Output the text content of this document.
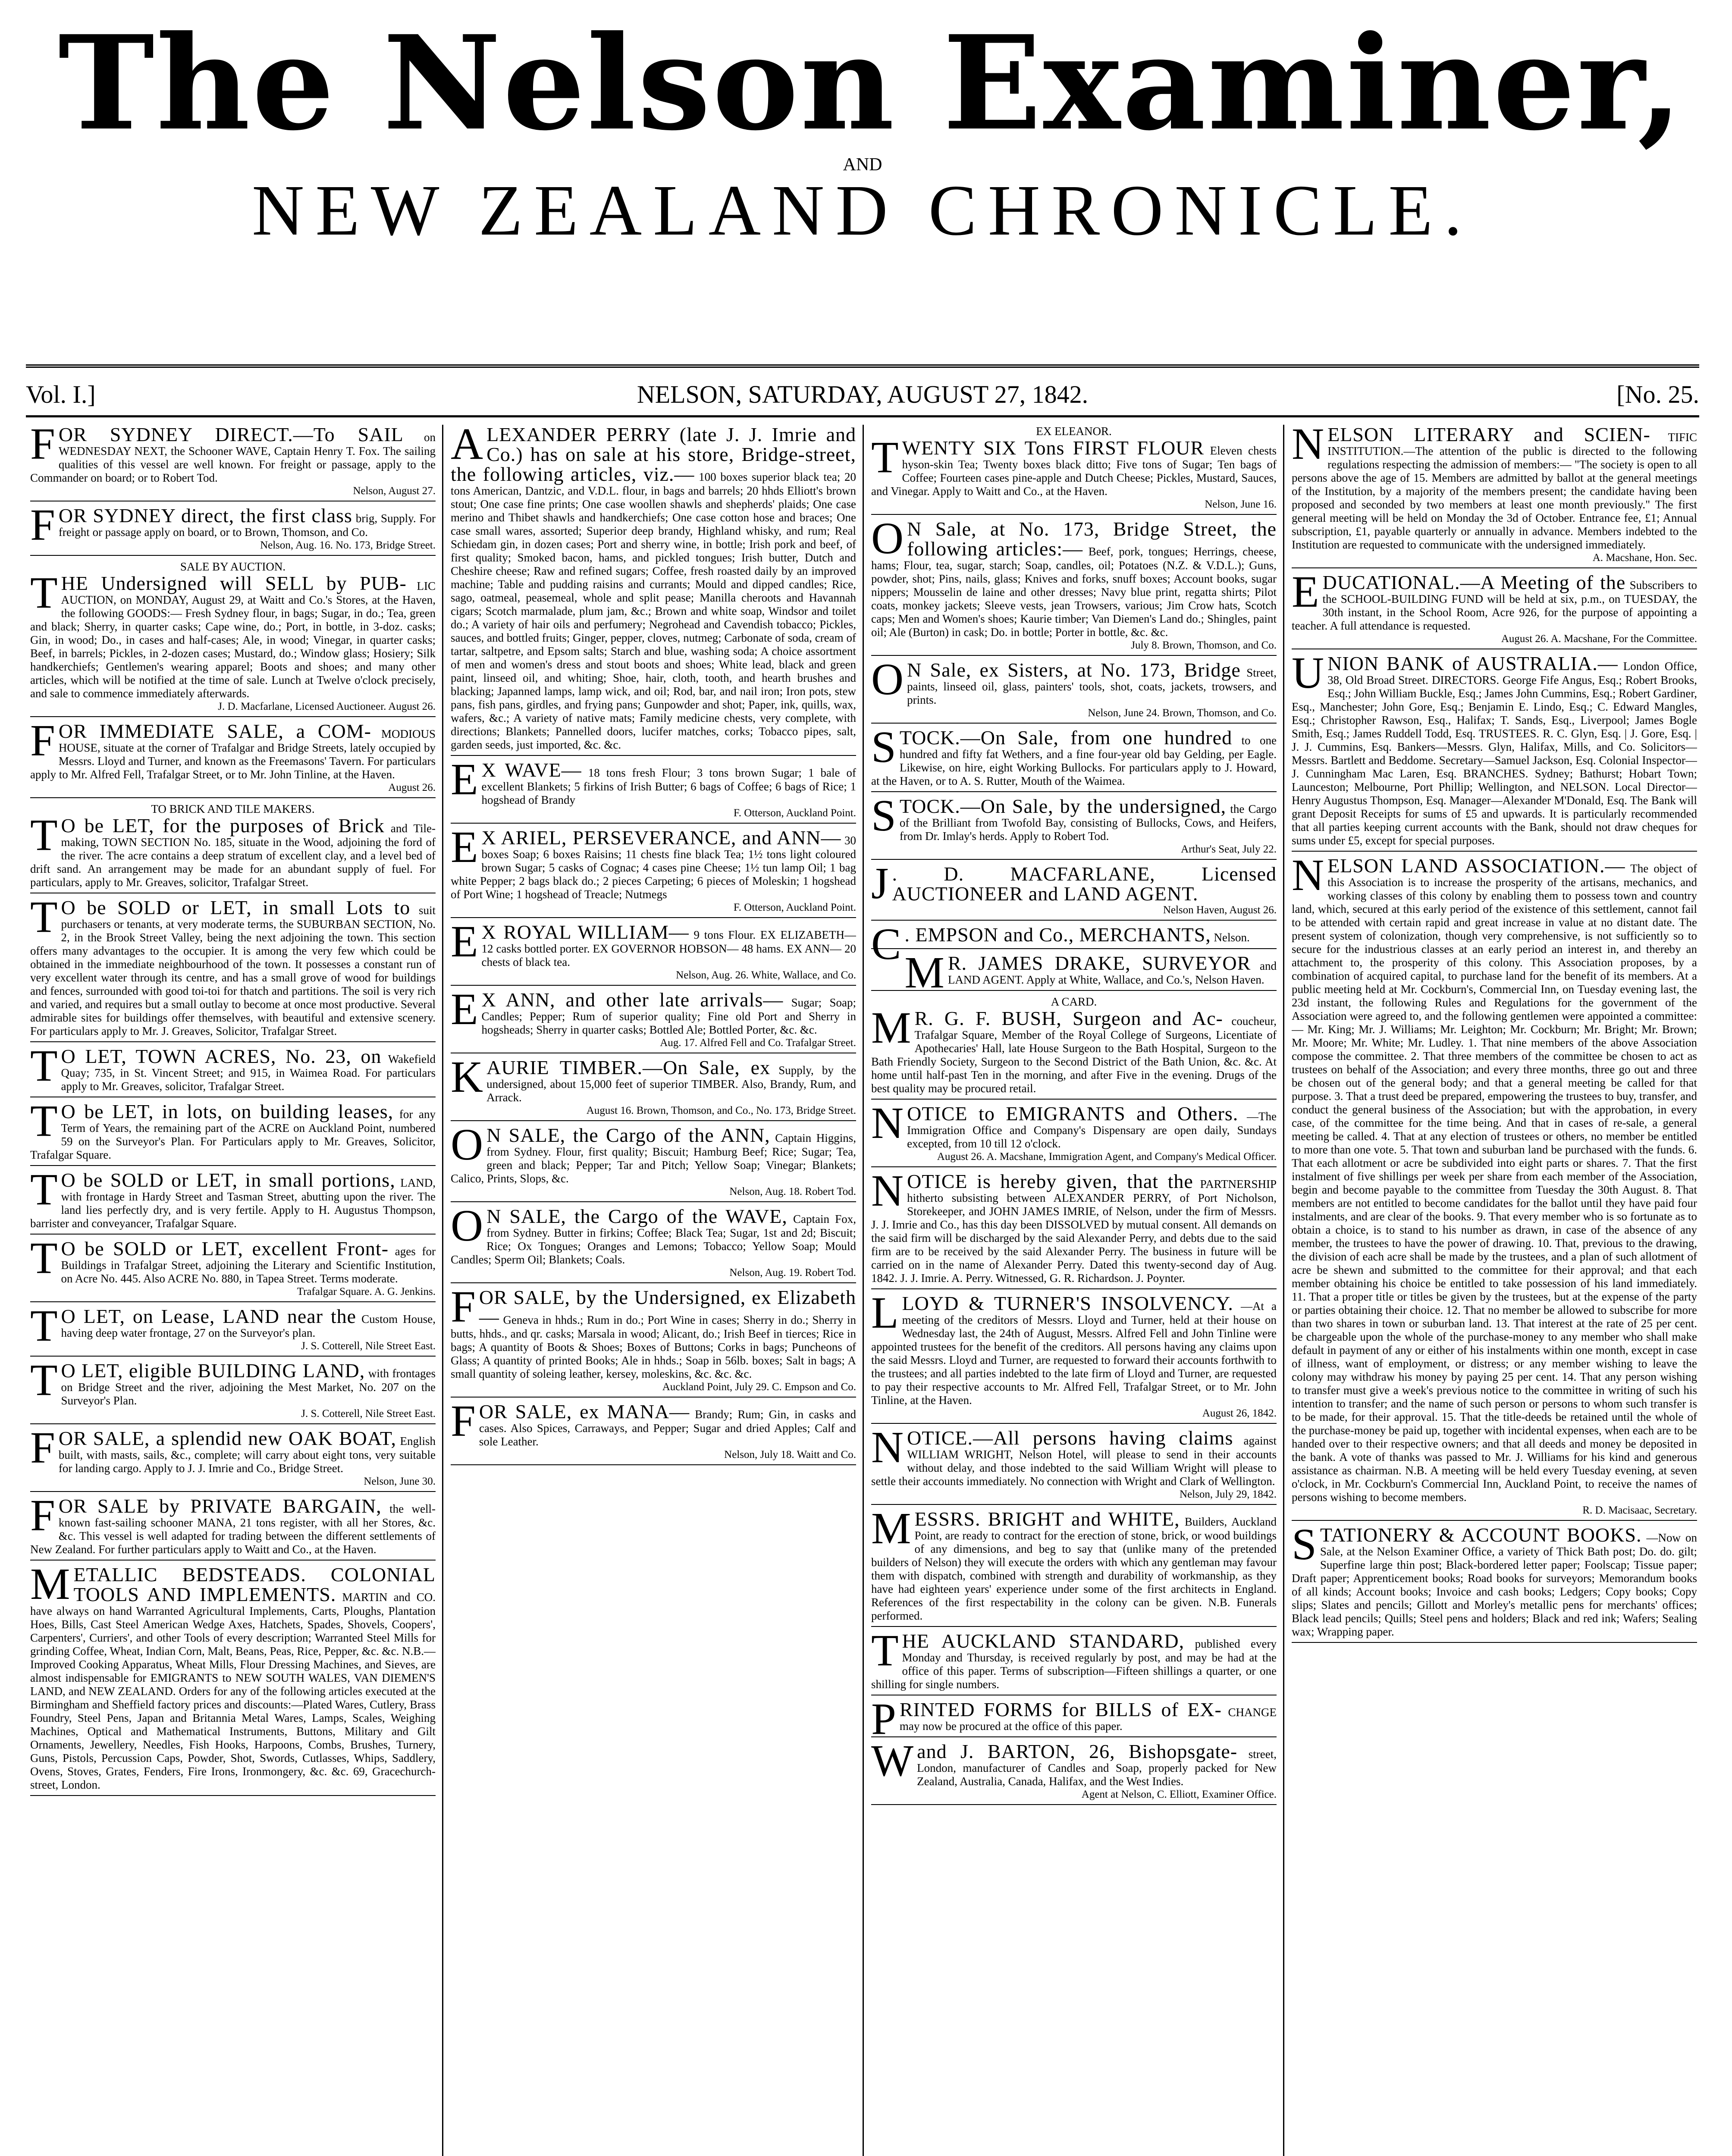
The Nelson Examiner,
AND
NEW ZEALAND CHRONICLE.
Vol. I.]	NELSON, SATURDAY, AUGUST 27, 1842.	[No. 25.

FOR SYDNEY DIRECT.—To SAIL on WEDNESDAY NEXT, the Schooner WAVE, Captain Henry T. Fox. The sailing qualities of this vessel are well known. For freight or passage, apply to the Commander on board; or to Robert Tod.

Nelson, August 27.

FOR SYDNEY direct, the first class brig, Supply. For freight or passage apply on board, or to Brown, Thomson, and Co.

Nelson, Aug. 16. No. 173, Bridge Street.

SALE BY AUCTION.

THE Undersigned will SELL by PUB- LIC AUCTION, on MONDAY, August 29, at Waitt and Co.'s Stores, at the Haven, the following GOODS:— Fresh Sydney flour, in bags; Sugar, in do.; Tea, green and black; Sherry, in quarter casks; Cape wine, do.; Port, in bottle, in 3-doz. casks; Gin, in wood; Do., in cases and half-cases; Ale, in wood; Vinegar, in quarter casks; Beef, in barrels; Pickles, in 2-dozen cases; Mustard, do.; Window glass; Hosiery; Silk handkerchiefs; Gentlemen's wearing apparel; Boots and shoes; and many other articles, which will be notified at the time of sale. Lunch at Twelve o'clock precisely, and sale to commence immediately afterwards.

J. D. Macfarlane, Licensed Auctioneer. August 26.

FOR IMMEDIATE SALE, a COM- MODIOUS HOUSE, situate at the corner of Trafalgar and Bridge Streets, lately occupied by Messrs. Lloyd and Turner, and known as the Freemasons' Tavern. For particulars apply to Mr. Alfred Fell, Trafalgar Street, or to Mr. John Tinline, at the Haven.

August 26.

TO BRICK AND TILE MAKERS.

T O be LET, for the purposes of Brick and Tile-making, TOWN SECTION No. 185, situate in the Wood, adjoining the ford of the river. The acre contains a deep stratum of excellent clay, and a level bed of drift sand. An arrangement may be made for an abundant supply of fuel. For particulars, apply to Mr. Greaves, solicitor, Trafalgar Street.

T O be SOLD or LET, in small Lots to suit purchasers or tenants, at very moderate terms, the SUBURBAN SECTION, No. 2, in the Brook Street Valley, being the next adjoining the town. This section offers many advantages to the occupier. It is among the very few which could be obtained in the immediate neighbourhood of the town. It possesses a constant run of very excellent water through its centre, and has a small grove of wood for buildings and fences, surrounded with good toi-toi for thatch and partitions. The soil is very rich and varied, and requires but a small outlay to become at once most productive. Several admirable sites for buildings offer themselves, with beautiful and extensive scenery. For particulars apply to Mr. J. Greaves, Solicitor, Trafalgar Street.

T O LET, TOWN ACRES, No. 23, on Wakefield Quay; 735, in St. Vincent Street; and 915, in Waimea Road. For particulars apply to Mr. Greaves, solicitor, Trafalgar Street.

T O be LET, in lots, on building leases, for any Term of Years, the remaining part of the ACRE on Auckland Point, numbered 59 on the Surveyor's Plan. For Particulars apply to Mr. Greaves, Solicitor, Trafalgar Square.

T O be SOLD or LET, in small portions, LAND, with frontage in Hardy Street and Tasman Street, abutting upon the river. The land lies perfectly dry, and is very fertile. Apply to H. Augustus Thompson, barrister and conveyancer, Trafalgar Square.

T O be SOLD or LET, excellent Front- ages for Buildings in Trafalgar Street, adjoining the Literary and Scientific Institution, on Acre No. 445. Also ACRE No. 880, in Tapea Street. Terms moderate.

Trafalgar Square. A. G. Jenkins.

T O LET, on Lease, LAND near the Custom House, having deep water frontage, 27 on the Surveyor's plan.

J. S. Cotterell, Nile Street East.

T O LET, eligible BUILDING LAND, with frontages on Bridge Street and the river, adjoining the Mest Market, No. 207 on the Surveyor's Plan.

J. S. Cotterell, Nile Street East.

FOR SALE, a splendid new OAK BOAT, English built, with masts, sails, &c., complete; will carry about eight tons, very suitable for landing cargo. Apply to J. J. Imrie and Co., Bridge Street.

Nelson, June 30.

FOR SALE by PRIVATE BARGAIN, the well-known fast-sailing schooner MANA, 21 tons register, with all her Stores, &c. &c. This vessel is well adapted for trading between the different settlements of New Zealand. For further particulars apply to Waitt and Co., at the Haven.

METALLIC BEDSTEADS. COLONIAL TOOLS AND IMPLEMENTS. MARTIN and CO. have always on hand Warranted Agricultural Implements, Carts, Ploughs, Plantation Hoes, Bills, Cast Steel American Wedge Axes, Hatchets, Spades, Shovels, Coopers', Carpenters', Curriers', and other Tools of every description; Warranted Steel Mills for grinding Coffee, Wheat, Indian Corn, Malt, Beans, Peas, Rice, Pepper, &c. &c. N.B.—Improved Cooking Apparatus, Wheat Mills, Flour Dressing Machines, and Sieves, are almost indispensable for EMIGRANTS to NEW SOUTH WALES, VAN DIEMEN'S LAND, and NEW ZEALAND. Orders for any of the following articles executed at the Birmingham and Sheffield factory prices and discounts:—Plated Wares, Cutlery, Brass Foundry, Steel Pens, Japan and Britannia Metal Wares, Lamps, Scales, Weighing Machines, Optical and Mathematical Instruments, Buttons, Military and Gilt Ornaments, Jewellery, Needles, Fish Hooks, Harpoons, Combs, Brushes, Turnery, Guns, Pistols, Percussion Caps, Powder, Shot, Swords, Cutlasses, Whips, Saddlery, Ovens, Stoves, Grates, Fenders, Fire Irons, Ironmongery, &c. &c. 69, Gracechurch-street, London.

ALEXANDER PERRY (late J. J. Imrie and Co.) has on sale at his store, Bridge-street, the following articles, viz.— 100 boxes superior black tea; 20 tons American, Dantzic, and V.D.L. flour, in bags and barrels; 20 hhds Elliott's brown stout; One case fine prints; One case woollen shawls and shepherds' plaids; One case merino and Thibet shawls and handkerchiefs; One case cotton hose and braces; One case small wares, assorted; Superior deep brandy, Highland whisky, and rum; Real Schiedam gin, in dozen cases; Port and sherry wine, in bottle; Irish pork and beef, of first quality; Smoked bacon, hams, and pickled tongues; Irish butter, Dutch and Cheshire cheese; Raw and refined sugars; Coffee, fresh roasted daily by an improved machine; Table and pudding raisins and currants; Mould and dipped candles; Rice, sago, oatmeal, peasemeal, whole and split pease; Manilla cheroots and Havannah cigars; Scotch marmalade, plum jam, &c.; Brown and white soap, Windsor and toilet do.; A variety of hair oils and perfumery; Negrohead and Cavendish tobacco; Pickles, sauces, and bottled fruits; Ginger, pepper, cloves, nutmeg; Carbonate of soda, cream of tartar, saltpetre, and Epsom salts; Starch and blue, washing soda; A choice assortment of men and women's dress and stout boots and shoes; White lead, black and green paint, linseed oil, and whiting; Shoe, hair, cloth, tooth, and hearth brushes and blacking; Japanned lamps, lamp wick, and oil; Rod, bar, and nail iron; Iron pots, stew pans, fish pans, girdles, and frying pans; Gunpowder and shot; Paper, ink, quills, wax, wafers, &c.; A variety of native mats; Family medicine chests, very complete, with directions; Blankets; Pannelled doors, lucifer matches, corks; Tobacco pipes, salt, garden seeds, just imported, &c. &c.

E X WAVE— 18 tons fresh Flour; 3 tons brown Sugar; 1 bale of excellent Blankets; 5 firkins of Irish Butter; 6 bags of Coffee; 6 bags of Rice; 1 hogshead of Brandy

F. Otterson, Auckland Point.

E X ARIEL, PERSEVERANCE, and ANN— 30 boxes Soap; 6 boxes Raisins; 11 chests fine black Tea; 1½ tons light coloured brown Sugar; 5 casks of Cognac; 4 cases pine Cheese; 1½ tun lamp Oil; 1 bag white Pepper; 2 bags black do.; 2 pieces Carpeting; 6 pieces of Moleskin; 1 hogshead of Port Wine; 1 hogshead of Treacle; Nutmegs

F. Otterson, Auckland Point.

E X ROYAL WILLIAM— 9 tons Flour. EX ELIZABETH— 12 casks bottled porter. EX GOVERNOR HOBSON— 48 hams. EX ANN— 20 chests of black tea.

Nelson, Aug. 26. White, Wallace, and Co.

E X ANN, and other late arrivals— Sugar; Soap; Candles; Pepper; Rum of superior quality; Fine old Port and Sherry in hogsheads; Sherry in quarter casks; Bottled Ale; Bottled Porter, &c. &c.

Aug. 17. Alfred Fell and Co. Trafalgar Street.

KAURIE TIMBER.—On Sale, ex Supply, by the undersigned, about 15,000 feet of superior TIMBER. Also, Brandy, Rum, and Arrack.

August 16. Brown, Thomson, and Co., No. 173, Bridge Street.

O N SALE, the Cargo of the ANN, Captain Higgins, from Sydney. Flour, first quality; Biscuit; Hamburg Beef; Rice; Sugar; Tea, green and black; Pepper; Tar and Pitch; Yellow Soap; Vinegar; Blankets; Calico, Prints, Slops, &c.

Nelson, Aug. 18. Robert Tod.

O N SALE, the Cargo of the WAVE, Captain Fox, from Sydney. Butter in firkins; Coffee; Black Tea; Sugar, 1st and 2d; Biscuit; Rice; Ox Tongues; Oranges and Lemons; Tobacco; Yellow Soap; Mould Candles; Sperm Oil; Blankets; Coals.

Nelson, Aug. 19. Robert Tod.

FOR SALE, by the Undersigned, ex Elizabeth— Geneva in hhds.; Rum in do.; Port Wine in cases; Sherry in do.; Sherry in butts, hhds., and qr. casks; Marsala in wood; Alicant, do.; Irish Beef in tierces; Rice in bags; A quantity of Boots & Shoes; Boxes of Buttons; Corks in bags; Puncheons of Glass; A quantity of printed Books; Ale in hhds.; Soap in 56lb. boxes; Salt in bags; A small quantity of soleing leather, kersey, moleskins, &c. &c. &c.

Auckland Point, July 29. C. Empson and Co.

FOR SALE, ex MANA— Brandy; Rum; Gin, in casks and cases. Also Spices, Carraways, and Pepper; Sugar and dried Apples; Calf and sole Leather.

Nelson, July 18. Waitt and Co.

EX ELEANOR.

TWENTY SIX Tons FIRST FLOUR Eleven chests hyson-skin Tea; Twenty boxes black ditto; Five tons of Sugar; Ten bags of Coffee; Fourteen cases pine-apple and Dutch Cheese; Pickles, Mustard, Sauces, and Vinegar. Apply to Waitt and Co., at the Haven.

Nelson, June 16.

O N Sale, at No. 173, Bridge Street, the following articles:— Beef, pork, tongues; Herrings, cheese, hams; Flour, tea, sugar, starch; Soap, candles, oil; Potatoes (N.Z. & V.D.L.); Guns, powder, shot; Pins, nails, glass; Knives and forks, snuff boxes; Account books, sugar nippers; Mousselin de laine and other dresses; Navy blue print, regatta shirts; Pilot coats, monkey jackets; Sleeve vests, jean Trowsers, various; Jim Crow hats, Scotch caps; Men and Women's shoes; Kaurie timber; Van Diemen's Land do.; Shingles, paint oil; Ale (Burton) in cask; Do. in bottle; Porter in bottle, &c. &c.

July 8. Brown, Thomson, and Co.

O N Sale, ex Sisters, at No. 173, Bridge Street, paints, linseed oil, glass, painters' tools, shot, coats, jackets, trowsers, and prints.

Nelson, June 24. Brown, Thomson, and Co.

STOCK.—On Sale, from one hundred to one hundred and fifty fat Wethers, and a fine four-year old bay Gelding, per Eagle. Likewise, on hire, eight Working Bullocks. For particulars apply to J. Howard, at the Haven, or to A. S. Rutter, Mouth of the Waimea.

STOCK.—On Sale, by the undersigned, the Cargo of the Brilliant from Twofold Bay, consisting of Bullocks, Cows, and Heifers, from Dr. Imlay's herds. Apply to Robert Tod.

Arthur's Seat, July 22.

J . D. MACFARLANE, Licensed AUCTIONEER and LAND AGENT.

Nelson Haven, August 26.

C . EMPSON and Co., MERCHANTS, Nelson.

M R. JAMES DRAKE, SURVEYOR and LAND AGENT. Apply at White, Wallace, and Co.'s, Nelson Haven.

A CARD.

M R. G. F. BUSH, Surgeon and Ac- coucheur, Trafalgar Square, Member of the Royal College of Surgeons, Licentiate of Apothecaries' Hall, late House Surgeon to the Bath Hospital, Surgeon to the Bath Friendly Society, Surgeon to the Second District of the Bath Union, &c. &c. At home until half-past Ten in the morning, and after Five in the evening. Drugs of the best quality may be procured retail.

NOTICE to EMIGRANTS and Others. —The Immigration Office and Company's Dispensary are open daily, Sundays excepted, from 10 till 12 o'clock.

August 26. A. Macshane, Immigration Agent, and Company's Medical Officer.

NOTICE is hereby given, that the PARTNERSHIP hitherto subsisting between ALEXANDER PERRY, of Port Nicholson, Storekeeper, and JOHN JAMES IMRIE, of Nelson, under the firm of Messrs. J. J. Imrie and Co., has this day been DISSOLVED by mutual consent. All demands on the said firm will be discharged by the said Alexander Perry, and debts due to the said firm are to be received by the said Alexander Perry. The business in future will be carried on in the name of Alexander Perry. Dated this twenty-second day of Aug. 1842. J. J. Imrie. A. Perry. Witnessed, G. R. Richardson. J. Poynter.

LLOYD & TURNER'S INSOLVENCY. —At a meeting of the creditors of Messrs. Lloyd and Turner, held at their house on Wednesday last, the 24th of August, Messrs. Alfred Fell and John Tinline were appointed trustees for the benefit of the creditors. All persons having any claims upon the said Messrs. Lloyd and Turner, are requested to forward their accounts forthwith to the trustees; and all parties indebted to the late firm of Lloyd and Turner, are requested to pay their respective accounts to Mr. Alfred Fell, Trafalgar Street, or to Mr. John Tinline, at the Haven.

August 26, 1842.

NOTICE.—All persons having claims against WILLIAM WRIGHT, Nelson Hotel, will please to send in their accounts without delay, and those indebted to the said William Wright will please to settle their accounts immediately. No connection with Wright and Clark of Wellington.

Nelson, July 29, 1842.

MESSRS. BRIGHT and WHITE, Builders, Auckland Point, are ready to contract for the erection of stone, brick, or wood buildings of any dimensions, and beg to say that (unlike many of the pretended builders of Nelson) they will execute the orders with which any gentleman may favour them with dispatch, combined with strength and durability of workmanship, as they have had eighteen years' experience under some of the first architects in England. References of the first respectability in the colony can be given. N.B. Funerals performed.

THE AUCKLAND STANDARD, published every Monday and Thursday, is received regularly by post, and may be had at the office of this paper. Terms of subscription—Fifteen shillings a quarter, or one shilling for single numbers.

PRINTED FORMS for BILLS of EX- CHANGE may now be procured at the office of this paper.

W and J. BARTON, 26, Bishopsgate- street, London, manufacturer of Candles and Soap, properly packed for New Zealand, Australia, Canada, Halifax, and the West Indies.

Agent at Nelson, C. Elliott, Examiner Office.

NELSON LITERARY and SCIEN- TIFIC INSTITUTION.—The attention of the public is directed to the following regulations respecting the admission of members:— "The society is open to all persons above the age of 15. Members are admitted by ballot at the general meetings of the Institution, by a majority of the members present; the candidate having been proposed and seconded by two members at least one month previously." The first general meeting will be held on Monday the 3d of October. Entrance fee, £1; Annual subscription, £1, payable quarterly or annually in advance. Members indebted to the Institution are requested to communicate with the undersigned immediately.

A. Macshane, Hon. Sec.

EDUCATIONAL.—A Meeting of the Subscribers to the SCHOOL-BUILDING FUND will be held at six, p.m., on TUESDAY, the 30th instant, in the School Room, Acre 926, for the purpose of appointing a teacher. A full attendance is requested.

August 26. A. Macshane, For the Committee.

UNION BANK of AUSTRALIA.— London Office, 38, Old Broad Street. DIRECTORS. George Fife Angus, Esq.; Robert Brooks, Esq.; John William Buckle, Esq.; James John Cummins, Esq.; Robert Gardiner, Esq., Manchester; John Gore, Esq.; Benjamin E. Lindo, Esq.; C. Edward Mangles, Esq.; Christopher Rawson, Esq., Halifax; T. Sands, Esq., Liverpool; James Bogle Smith, Esq.; James Ruddell Todd, Esq. TRUSTEES. R. C. Glyn, Esq. | J. Gore, Esq. | J. J. Cummins, Esq. Bankers—Messrs. Glyn, Halifax, Mills, and Co. Solicitors—Messrs. Bartlett and Beddome. Secretary—Samuel Jackson, Esq. Colonial Inspector—J. Cunningham Mac Laren, Esq. BRANCHES. Sydney; Bathurst; Hobart Town; Launceston; Melbourne, Port Phillip; Wellington, and NELSON. Local Director—Henry Augustus Thompson, Esq. Manager—Alexander M'Donald, Esq. The Bank will grant Deposit Receipts for sums of £5 and upwards. It is particularly recommended that all parties keeping current accounts with the Bank, should not draw cheques for sums under £5, except for special purposes.

NELSON LAND ASSOCIATION.— The object of this Association is to increase the prosperity of the artisans, mechanics, and working classes of this colony by enabling them to possess town and country land, which, secured at this early period of the existence of this settlement, cannot fail to be attended with certain rapid and great increase in value at no distant date. The present system of colonization, though very comprehensive, is not sufficiently so to secure for the industrious classes at an early period an interest in, and thereby an attachment to, the prosperity of this colony. This Association proposes, by a combination of acquired capital, to purchase land for the benefit of its members. At a public meeting held at Mr. Cockburn's, Commercial Inn, on Tuesday evening last, the 23d instant, the following Rules and Regulations for the government of the Association were agreed to, and the following gentlemen were appointed a committee:— Mr. King; Mr. J. Williams; Mr. Leighton; Mr. Cockburn; Mr. Bright; Mr. Brown; Mr. Moore; Mr. White; Mr. Ludley. 1. That nine members of the above Association compose the committee. 2. That three members of the committee be chosen to act as trustees on behalf of the Association; and every three months, three go out and three be chosen out of the general body; and that a general meeting be called for that purpose. 3. That a trust deed be prepared, empowering the trustees to buy, transfer, and conduct the general business of the Association; but with the approbation, in every case, of the committee for the time being. And that in cases of re-sale, a general meeting be called. 4. That at any election of trustees or others, no member be entitled to more than one vote. 5. That town and suburban land be purchased with the funds. 6. That each allotment or acre be subdivided into eight parts or shares. 7. That the first instalment of five shillings per week per share from each member of the Association, begin and become payable to the committee from Tuesday the 30th August. 8. That members are not entitled to become candidates for the ballot until they have paid four instalments, and are clear of the books. 9. That every member who is so fortunate as to obtain a choice, is to stand to his number as drawn, in case of the absence of any member, the trustees to have the power of drawing. 10. That, previous to the drawing, the division of each acre shall be made by the trustees, and a plan of such allotment of acre be shewn and submitted to the committee for their approval; and that each member obtaining his choice be entitled to take possession of his land immediately. 11. That a proper title or titles be given by the trustees, but at the expense of the party or parties obtaining their choice. 12. That no member be allowed to subscribe for more than two shares in town or suburban land. 13. That interest at the rate of 25 per cent. be chargeable upon the whole of the purchase-money to any member who shall make default in payment of any or either of his instalments within one month, except in case of illness, want of employment, or distress; or any member wishing to leave the colony may withdraw his money by paying 25 per cent. 14. That any person wishing to transfer must give a week's previous notice to the committee in writing of such his intention to transfer; and the name of such person or persons to whom such transfer is to be made, for their approval. 15. That the title-deeds be retained until the whole of the purchase-money be paid up, together with incidental expenses, when each are to be handed over to their respective owners; and that all deeds and money be deposited in the bank. A vote of thanks was passed to Mr. J. Williams for his kind and generous assistance as chairman. N.B. A meeting will be held every Tuesday evening, at seven o'clock, in Mr. Cockburn's Commercial Inn, Auckland Point, to receive the names of persons wishing to become members.

R. D. Macisaac, Secretary.

STATIONERY & ACCOUNT BOOKS. —Now on Sale, at the Nelson Examiner Office, a variety of Thick Bath post; Do. do. gilt; Superfine large thin post; Black-bordered letter paper; Foolscap; Tissue paper; Draft paper; Apprenticement books; Road books for surveyors; Memorandum books of all kinds; Account books; Invoice and cash books; Ledgers; Copy books; Copy slips; Slates and pencils; Gillott and Morley's metallic pens for merchants' offices; Black lead pencils; Quills; Steel pens and holders; Black and red ink; Wafers; Sealing wax; Wrapping paper.
